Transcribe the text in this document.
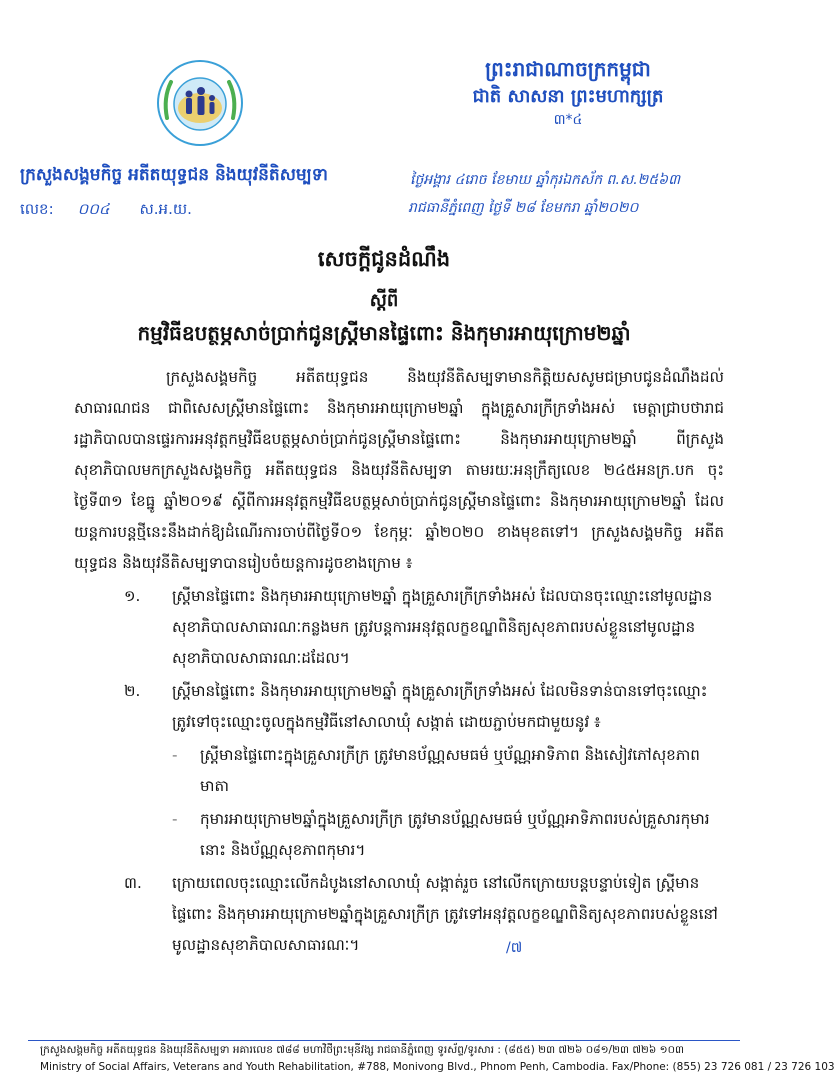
ព្រះរាជាណាចក្រកម្ពុជា
ជាតិ សាសនា ព្រះមហាក្សត្រ
៣*៤
ក្រសួងសង្គមកិច្ច អតីតយុទ្ធជន និងយុវនីតិសម្បទា
លេខ: ០០៤ ស.អ.យ.
ថ្ងៃអង្គារ ៤រោច ខែមាឃ ឆ្នាំកុរឯកស័ក ព.ស.២៥៦៣
រាជធានីភ្នំពេញ ថ្ងៃទី ២៨ ខែមករា ឆ្នាំ២០២០
សេចក្តីជូនដំណឹង
ស្តីពី
កម្មវិធីឧបត្ថម្ភសាច់ប្រាក់ជូនស្ត្រីមានផ្ទៃពោះ និងកុមារអាយុក្រោម២ឆ្នាំ

ក្រសួងសង្គមកិច្ច អតីតយុទ្ធជន និងយុវនីតិសម្បទាមានកិត្តិយសសូមជម្រាបជូនដំណឹងដល់សាធារណជន ជាពិសេសស្ត្រីមានផ្ទៃពោះ និងកុមារអាយុក្រោម២ឆ្នាំ ក្នុងគ្រួសារក្រីក្រទាំងអស់ មេត្តាជ្រាបថារាជរដ្ឋាភិបាលបានផ្ទេរការអនុវត្តកម្មវិធីឧបត្ថម្ភសាច់ប្រាក់ជូនស្ត្រីមានផ្ទៃពោះ និងកុមារអាយុក្រោម២ឆ្នាំ ពីក្រសួងសុខាភិបាលមកក្រសួងសង្គមកិច្ច អតីតយុទ្ធជន និងយុវនីតិសម្បទា តាមរយៈអនុក្រឹត្យលេខ ២៤៥អនក្រ.បក ចុះថ្ងៃទី៣១ ខែធ្នូ ឆ្នាំ២០១៩ ស្តីពីការអនុវត្តកម្មវិធីឧបត្ថម្ភសាច់ប្រាក់ជូនស្ត្រីមានផ្ទៃពោះ និងកុមារអាយុក្រោម២ឆ្នាំ ដែលយន្តការបន្តថ្មីនេះនឹងដាក់ឱ្យដំណើរការចាប់ពីថ្ងៃទី០១ ខែកុម្ភៈ ឆ្នាំ២០២០ ខាងមុខតទៅ។ ក្រសួងសង្គមកិច្ច អតីតយុទ្ធជន និងយុវនីតិសម្បទាបានរៀបចំយន្តការដូចខាងក្រោម ៖

១.	ស្ត្រីមានផ្ទៃពោះ និងកុមារអាយុក្រោម២ឆ្នាំ ក្នុងគ្រួសារក្រីក្រទាំងអស់ ដែលបានចុះឈ្មោះនៅមូលដ្ឋានសុខាភិបាលសាធារណៈកន្លងមក ត្រូវបន្តការអនុវត្តលក្ខខណ្ឌពិនិត្យសុខភាពរបស់ខ្លួននៅមូលដ្ឋានសុខាភិបាលសាធារណៈដដែល។
២.	ស្ត្រីមានផ្ទៃពោះ និងកុមារអាយុក្រោម២ឆ្នាំ ក្នុងគ្រួសារក្រីក្រទាំងអស់ ដែលមិនទាន់បានទៅចុះឈ្មោះត្រូវទៅចុះឈ្មោះចូលក្នុងកម្មវិធីនៅសាលាឃុំ សង្កាត់ ដោយភ្ជាប់មកជាមួយនូវ ៖
-	ស្ត្រីមានផ្ទៃពោះក្នុងគ្រួសារក្រីក្រ ត្រូវមានប័ណ្ណសមធម៌ ឬប័ណ្ណអាទិភាព និងសៀវភៅសុខភាពមាតា
-	កុមារអាយុក្រោម២ឆ្នាំក្នុងគ្រួសារក្រីក្រ ត្រូវមានប័ណ្ណសមធម៌ ឬប័ណ្ណអាទិភាពរបស់គ្រួសារកុមារនោះ និងប័ណ្ណសុខភាពកុមារ។
៣.	ក្រោយពេលចុះឈ្មោះលើកដំបូងនៅសាលាឃុំ សង្កាត់រួច នៅលើកក្រោយបន្តបន្ទាប់ទៀត ស្ត្រីមានផ្ទៃពោះ និងកុមារអាយុក្រោម២ឆ្នាំក្នុងគ្រួសារក្រីក្រ ត្រូវទៅអនុវត្តលក្ខខណ្ឌពិនិត្យសុខភាពរបស់ខ្លួននៅមូលដ្ឋានសុខាភិបាលសាធារណៈ។	/៧
ក្រសួងសង្គមកិច្ច អតីតយុទ្ធជន និងយុវនីតិសម្បទា អគារលេខ ៧៨៨ មហាវិថីព្រះមុនីវង្ស រាជធានីភ្នំពេញ ទូរស័ព្ទ/ទូរសារ : (៨៥៥) ២៣ ៧២៦ ០៨១/២៣ ៧២៦ ១០៣
Ministry of Social Affairs, Veterans and Youth Rehabilitation, #788, Monivong Blvd., Phnom Penh, Cambodia. Fax/Phone: (855) 23 726 081 / 23 726 103
